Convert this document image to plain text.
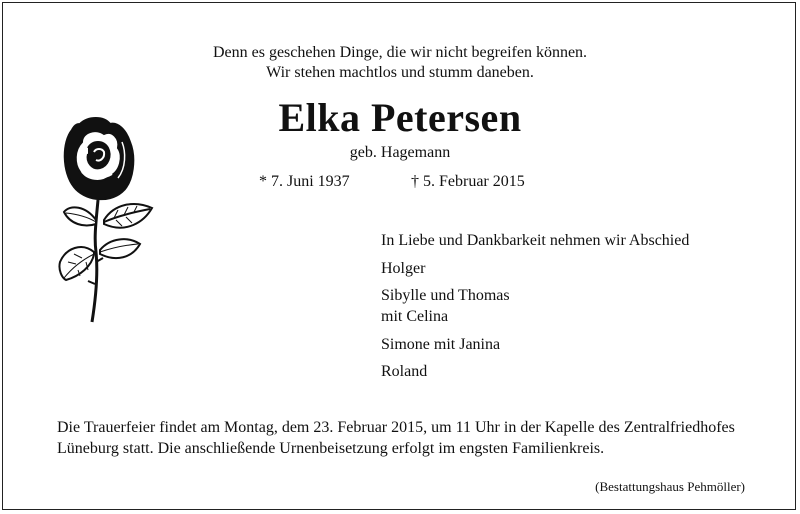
Denn es geschehen Dinge, die wir nicht begreifen können.
Wir stehen machtlos und stumm daneben.
Elka Petersen
geb. Hagemann
* 7. Juni 1937	† 5. Februar 2015
In Liebe und Dankbarkeit nehmen wir Abschied
Holger
Sibylle und Thomas
mit Celina
Simone mit Janina
Roland
Die Trauerfeier findet am Montag, dem 23. Februar 2015, um 11 Uhr in der Kapelle des Zentralfriedhofes Lüneburg statt. Die anschließende Urnenbeisetzung erfolgt im engsten Familienkreis.
(Bestattungshaus Pehmöller)
